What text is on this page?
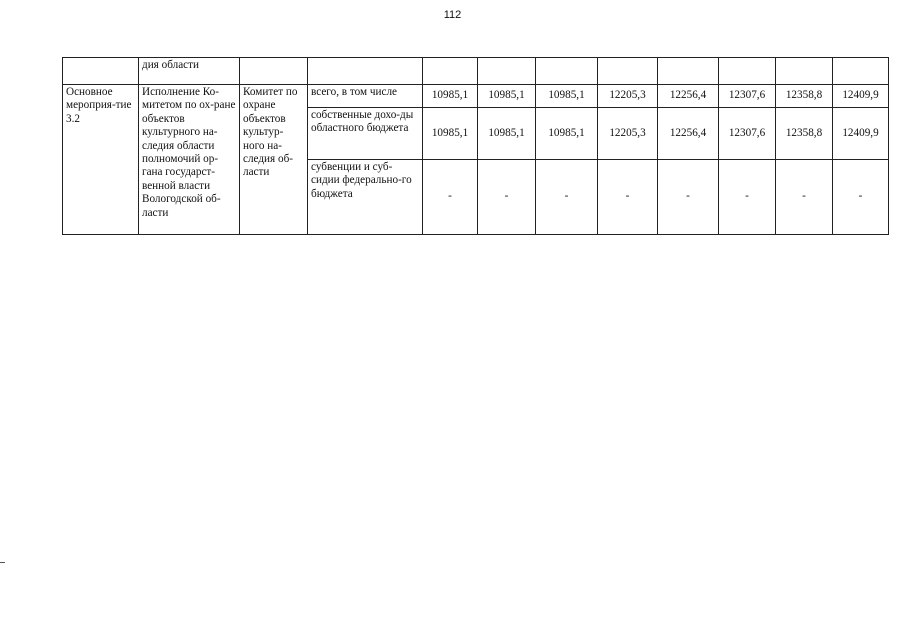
112
	дия области										
Основное мероприя-тие 3.2	Исполнение Ко-митетом по ох-ране объектов культурного на-следия области полномочий ор-гана государст-венной власти Вологодской об-ласти	Комитет по охране объектов культур-ного на-следия об-ласти	всего, в том числе	10985,1	10985,1	10985,1	12205,3	12256,4	12307,6	12358,8	12409,9
			собственные дохо-ды областного бюджета	10985,1	10985,1	10985,1	12205,3	12256,4	12307,6	12358,8	12409,9
			субвенции и суб-сидии федерально-го бюджета	-	-	-	-	-	-	-	-
